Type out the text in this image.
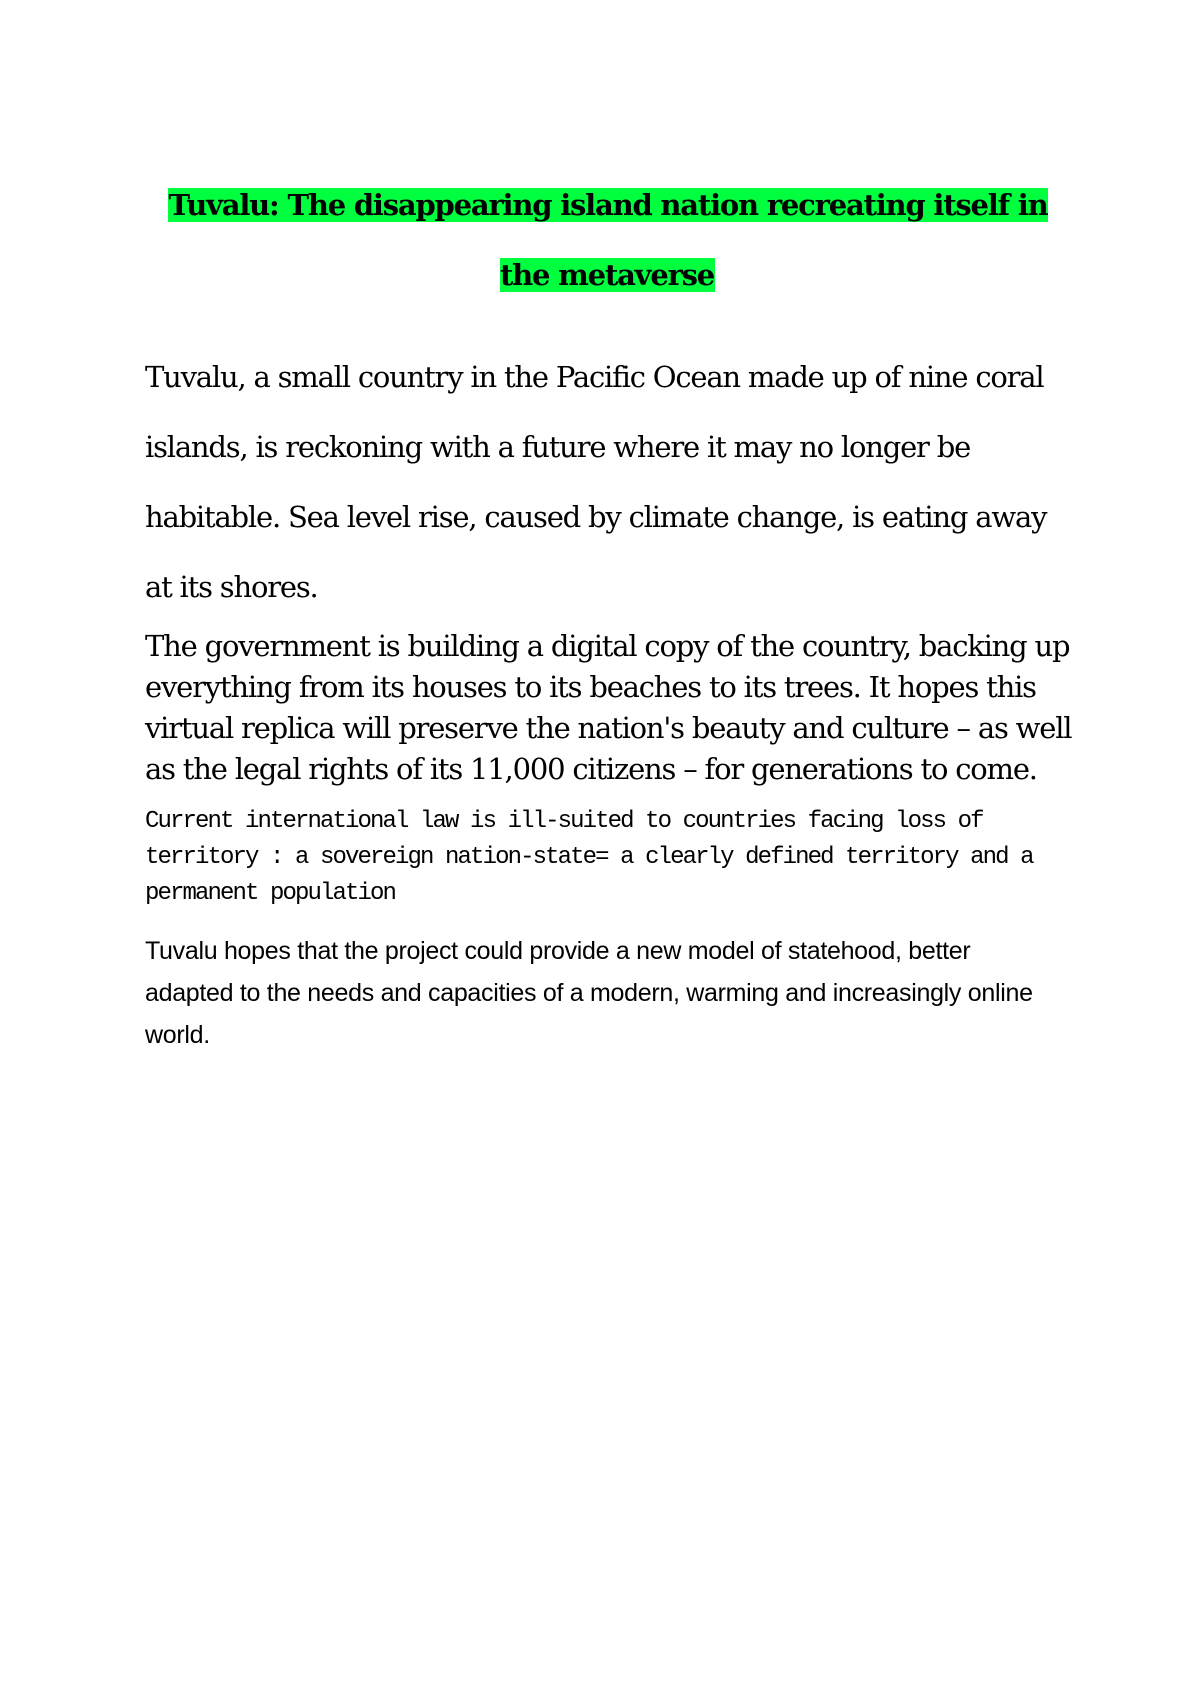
Tuvalu: The disappearing island nation recreating itself in the metaverse

Tuvalu, a small country in the Pacific Ocean made up of nine coral islands, is reckoning with a future where it may no longer be habitable. Sea level rise, caused by climate change, is eating away at its shores.

The government is building a digital copy of the country, backing up everything from its houses to its beaches to its trees. It hopes this virtual replica will preserve the nation's beauty and culture – as well as the legal rights of its 11,000 citizens – for generations to come.

Current international law is ill-suited to countries facing loss of territory : a sovereign nation-state= a clearly defined territory and a permanent population

Tuvalu hopes that the project could provide a new model of statehood, better adapted to the needs and capacities of a modern, warming and increasingly online world.
